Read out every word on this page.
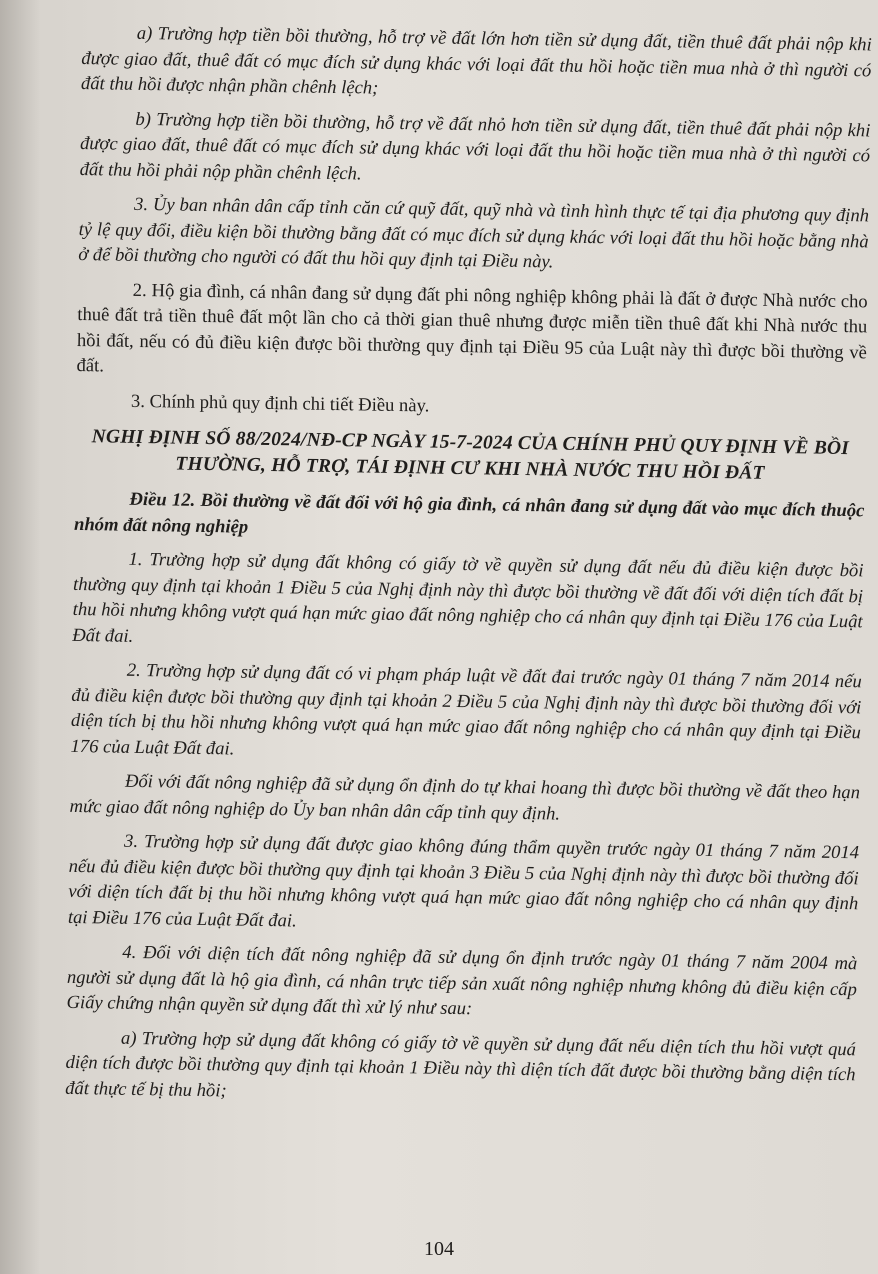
a) Trường hợp tiền bồi thường, hỗ trợ về đất lớn hơn tiền sử dụng đất, tiền thuê đất phải nộp khi được giao đất, thuê đất có mục đích sử dụng khác với loại đất thu hồi hoặc tiền mua nhà ở thì người có đất thu hồi được nhận phần chênh lệch;

b) Trường hợp tiền bồi thường, hỗ trợ về đất nhỏ hơn tiền sử dụng đất, tiền thuê đất phải nộp khi được giao đất, thuê đất có mục đích sử dụng khác với loại đất thu hồi hoặc tiền mua nhà ở thì người có đất thu hồi phải nộp phần chênh lệch.

3. Ủy ban nhân dân cấp tỉnh căn cứ quỹ đất, quỹ nhà và tình hình thực tế tại địa phương quy định tỷ lệ quy đổi, điều kiện bồi thường bằng đất có mục đích sử dụng khác với loại đất thu hồi hoặc bằng nhà ở để bồi thường cho người có đất thu hồi quy định tại Điều này.

2. Hộ gia đình, cá nhân đang sử dụng đất phi nông nghiệp không phải là đất ở được Nhà nước cho thuê đất trả tiền thuê đất một lần cho cả thời gian thuê nhưng được miễn tiền thuê đất khi Nhà nước thu hồi đất, nếu có đủ điều kiện được bồi thường quy định tại Điều 95 của Luật này thì được bồi thường về đất.

3. Chính phủ quy định chi tiết Điều này.

NGHỊ ĐỊNH SỐ 88/2024/NĐ-CP NGÀY 15-7-2024 CỦA CHÍNH PHỦ QUY ĐỊNH VỀ BỒI THƯỜNG, HỖ TRỢ, TÁI ĐỊNH CƯ KHI NHÀ NƯỚC THU HỒI ĐẤT

Điều 12. Bồi thường về đất đối với hộ gia đình, cá nhân đang sử dụng đất vào mục đích thuộc nhóm đất nông nghiệp

1. Trường hợp sử dụng đất không có giấy tờ về quyền sử dụng đất nếu đủ điều kiện được bồi thường quy định tại khoản 1 Điều 5 của Nghị định này thì được bồi thường về đất đối với diện tích đất bị thu hồi nhưng không vượt quá hạn mức giao đất nông nghiệp cho cá nhân quy định tại Điều 176 của Luật Đất đai.

2. Trường hợp sử dụng đất có vi phạm pháp luật về đất đai trước ngày 01 tháng 7 năm 2014 nếu đủ điều kiện được bồi thường quy định tại khoản 2 Điều 5 của Nghị định này thì được bồi thường đối với diện tích bị thu hồi nhưng không vượt quá hạn mức giao đất nông nghiệp cho cá nhân quy định tại Điều 176 của Luật Đất đai.

Đối với đất nông nghiệp đã sử dụng ổn định do tự khai hoang thì được bồi thường về đất theo hạn mức giao đất nông nghiệp do Ủy ban nhân dân cấp tỉnh quy định.

3. Trường hợp sử dụng đất được giao không đúng thẩm quyền trước ngày 01 tháng 7 năm 2014 nếu đủ điều kiện được bồi thường quy định tại khoản 3 Điều 5 của Nghị định này thì được bồi thường đối với diện tích đất bị thu hồi nhưng không vượt quá hạn mức giao đất nông nghiệp cho cá nhân quy định tại Điều 176 của Luật Đất đai.

4. Đối với diện tích đất nông nghiệp đã sử dụng ổn định trước ngày 01 tháng 7 năm 2004 mà người sử dụng đất là hộ gia đình, cá nhân trực tiếp sản xuất nông nghiệp nhưng không đủ điều kiện cấp Giấy chứng nhận quyền sử dụng đất thì xử lý như sau:

a) Trường hợp sử dụng đất không có giấy tờ về quyền sử dụng đất nếu diện tích thu hồi vượt quá diện tích được bồi thường quy định tại khoản 1 Điều này thì diện tích đất được bồi thường bằng diện tích đất thực tế bị thu hồi;

104
